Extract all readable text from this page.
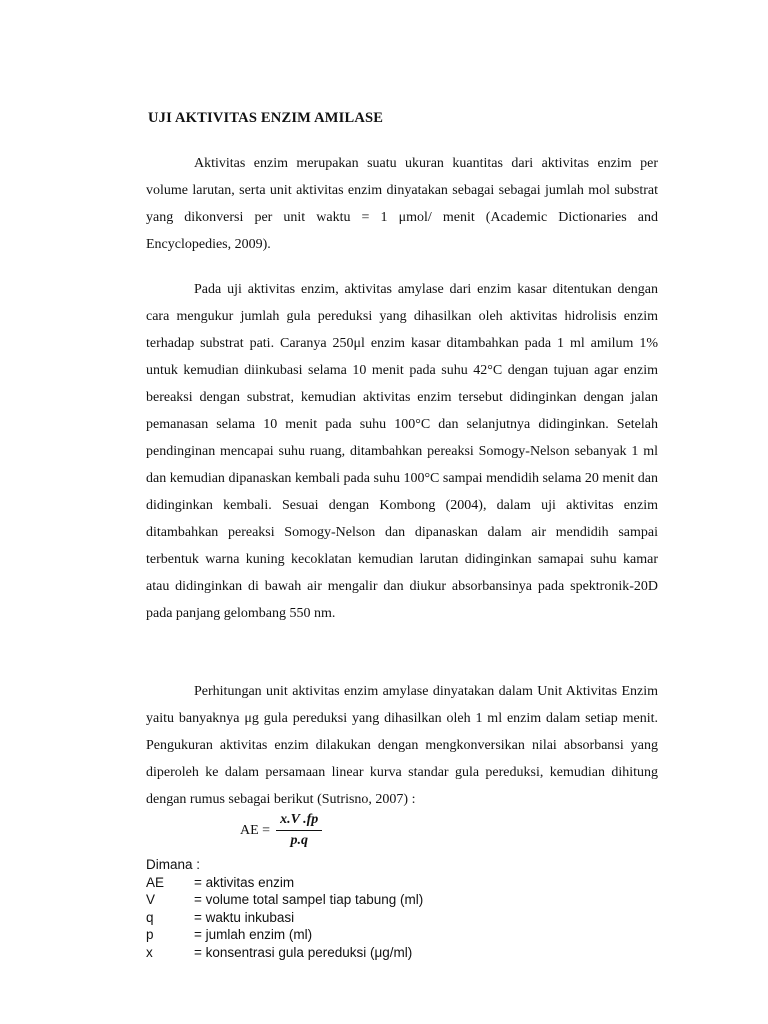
UJI AKTIVITAS ENZIM AMILASE

Aktivitas enzim merupakan suatu ukuran kuantitas dari aktivitas enzim per volume larutan, serta unit aktivitas enzim dinyatakan sebagai sebagai jumlah mol substrat yang dikonversi per unit waktu = 1 μmol/ menit (Academic Dictionaries and Encyclopedies, 2009).

Pada uji aktivitas enzim, aktivitas amylase dari enzim kasar ditentukan dengan cara mengukur jumlah gula pereduksi yang dihasilkan oleh aktivitas hidrolisis enzim terhadap substrat pati. Caranya 250μl enzim kasar ditambahkan pada 1 ml amilum 1% untuk kemudian diinkubasi selama 10 menit pada suhu 42°C dengan tujuan agar enzim bereaksi dengan substrat, kemudian aktivitas enzim tersebut didinginkan dengan jalan pemanasan selama 10 menit pada suhu 100°C dan selanjutnya didinginkan. Setelah pendinginan mencapai suhu ruang, ditambahkan pereaksi Somogy-Nelson sebanyak 1 ml dan kemudian dipanaskan kembali pada suhu 100°C sampai mendidih selama 20 menit dan didinginkan kembali. Sesuai dengan Kombong (2004), dalam uji aktivitas enzim ditambahkan pereaksi Somogy-Nelson dan dipanaskan dalam air mendidih sampai terbentuk warna kuning kecoklatan kemudian larutan didinginkan samapai suhu kamar atau didinginkan di bawah air mengalir dan diukur absorbansinya pada spektronik-20D pada panjang gelombang 550 nm.

Perhitungan unit aktivitas enzim amylase dinyatakan dalam Unit Aktivitas Enzim yaitu banyaknya μg gula pereduksi yang dihasilkan oleh 1 ml enzim dalam setiap menit. Pengukuran aktivitas enzim dilakukan dengan mengkonversikan nilai absorbansi yang diperoleh ke dalam persamaan linear kurva standar gula pereduksi, kemudian dihitung dengan rumus sebagai berikut (Sutrisno, 2007) :

AE = $\frac{x.V .fp}{p.q}$

Dimana :

AE	= aktivitas enzim
V	= volume total sampel tiap tabung (ml)
q	= waktu inkubasi
p	= jumlah enzim (ml)
x	= konsentrasi gula pereduksi (μg/ml)
